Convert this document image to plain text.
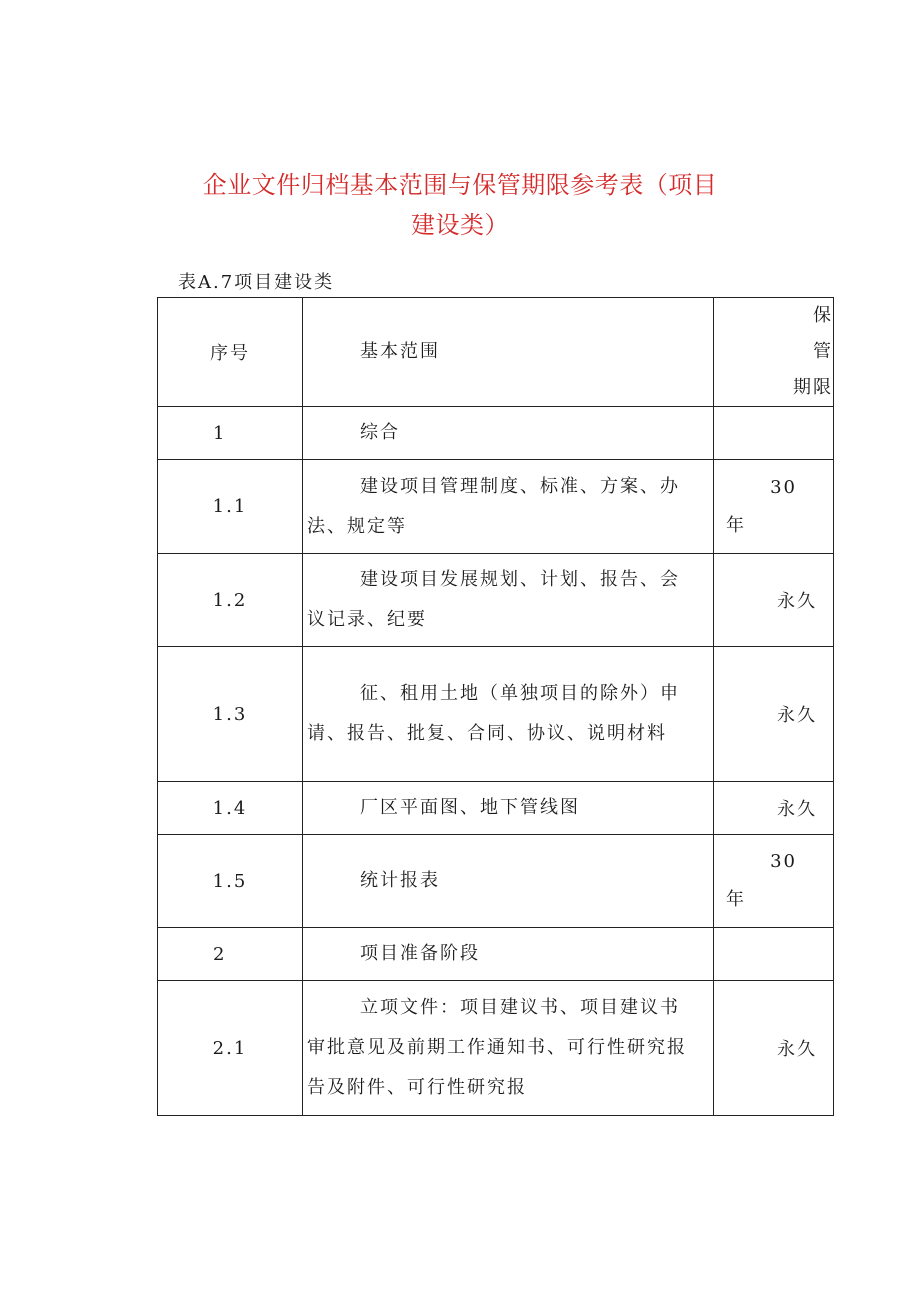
企业文件归档基本范围与保管期限参考表（项目
建设类）
表A.7项目建设类
序号	基本范围	保管
期限
1	综合	
1.1	建设项目管理制度、标准、方案、办
法、规定等	30
年
1.2	建设项目发展规划、计划、报告、会
议记录、纪要	永久
1.3	征、租用土地（单独项目的除外）申
请、报告、批复、合同、协议、说明材料	永久
1.4	厂区平面图、地下管线图	永久
1.5	统计报表	30
年
2	项目准备阶段	
2.1	立项文件：项目建议书、项目建议书
审批意见及前期工作通知书、可行性研究报
告及附件、可行性研究报	永久
